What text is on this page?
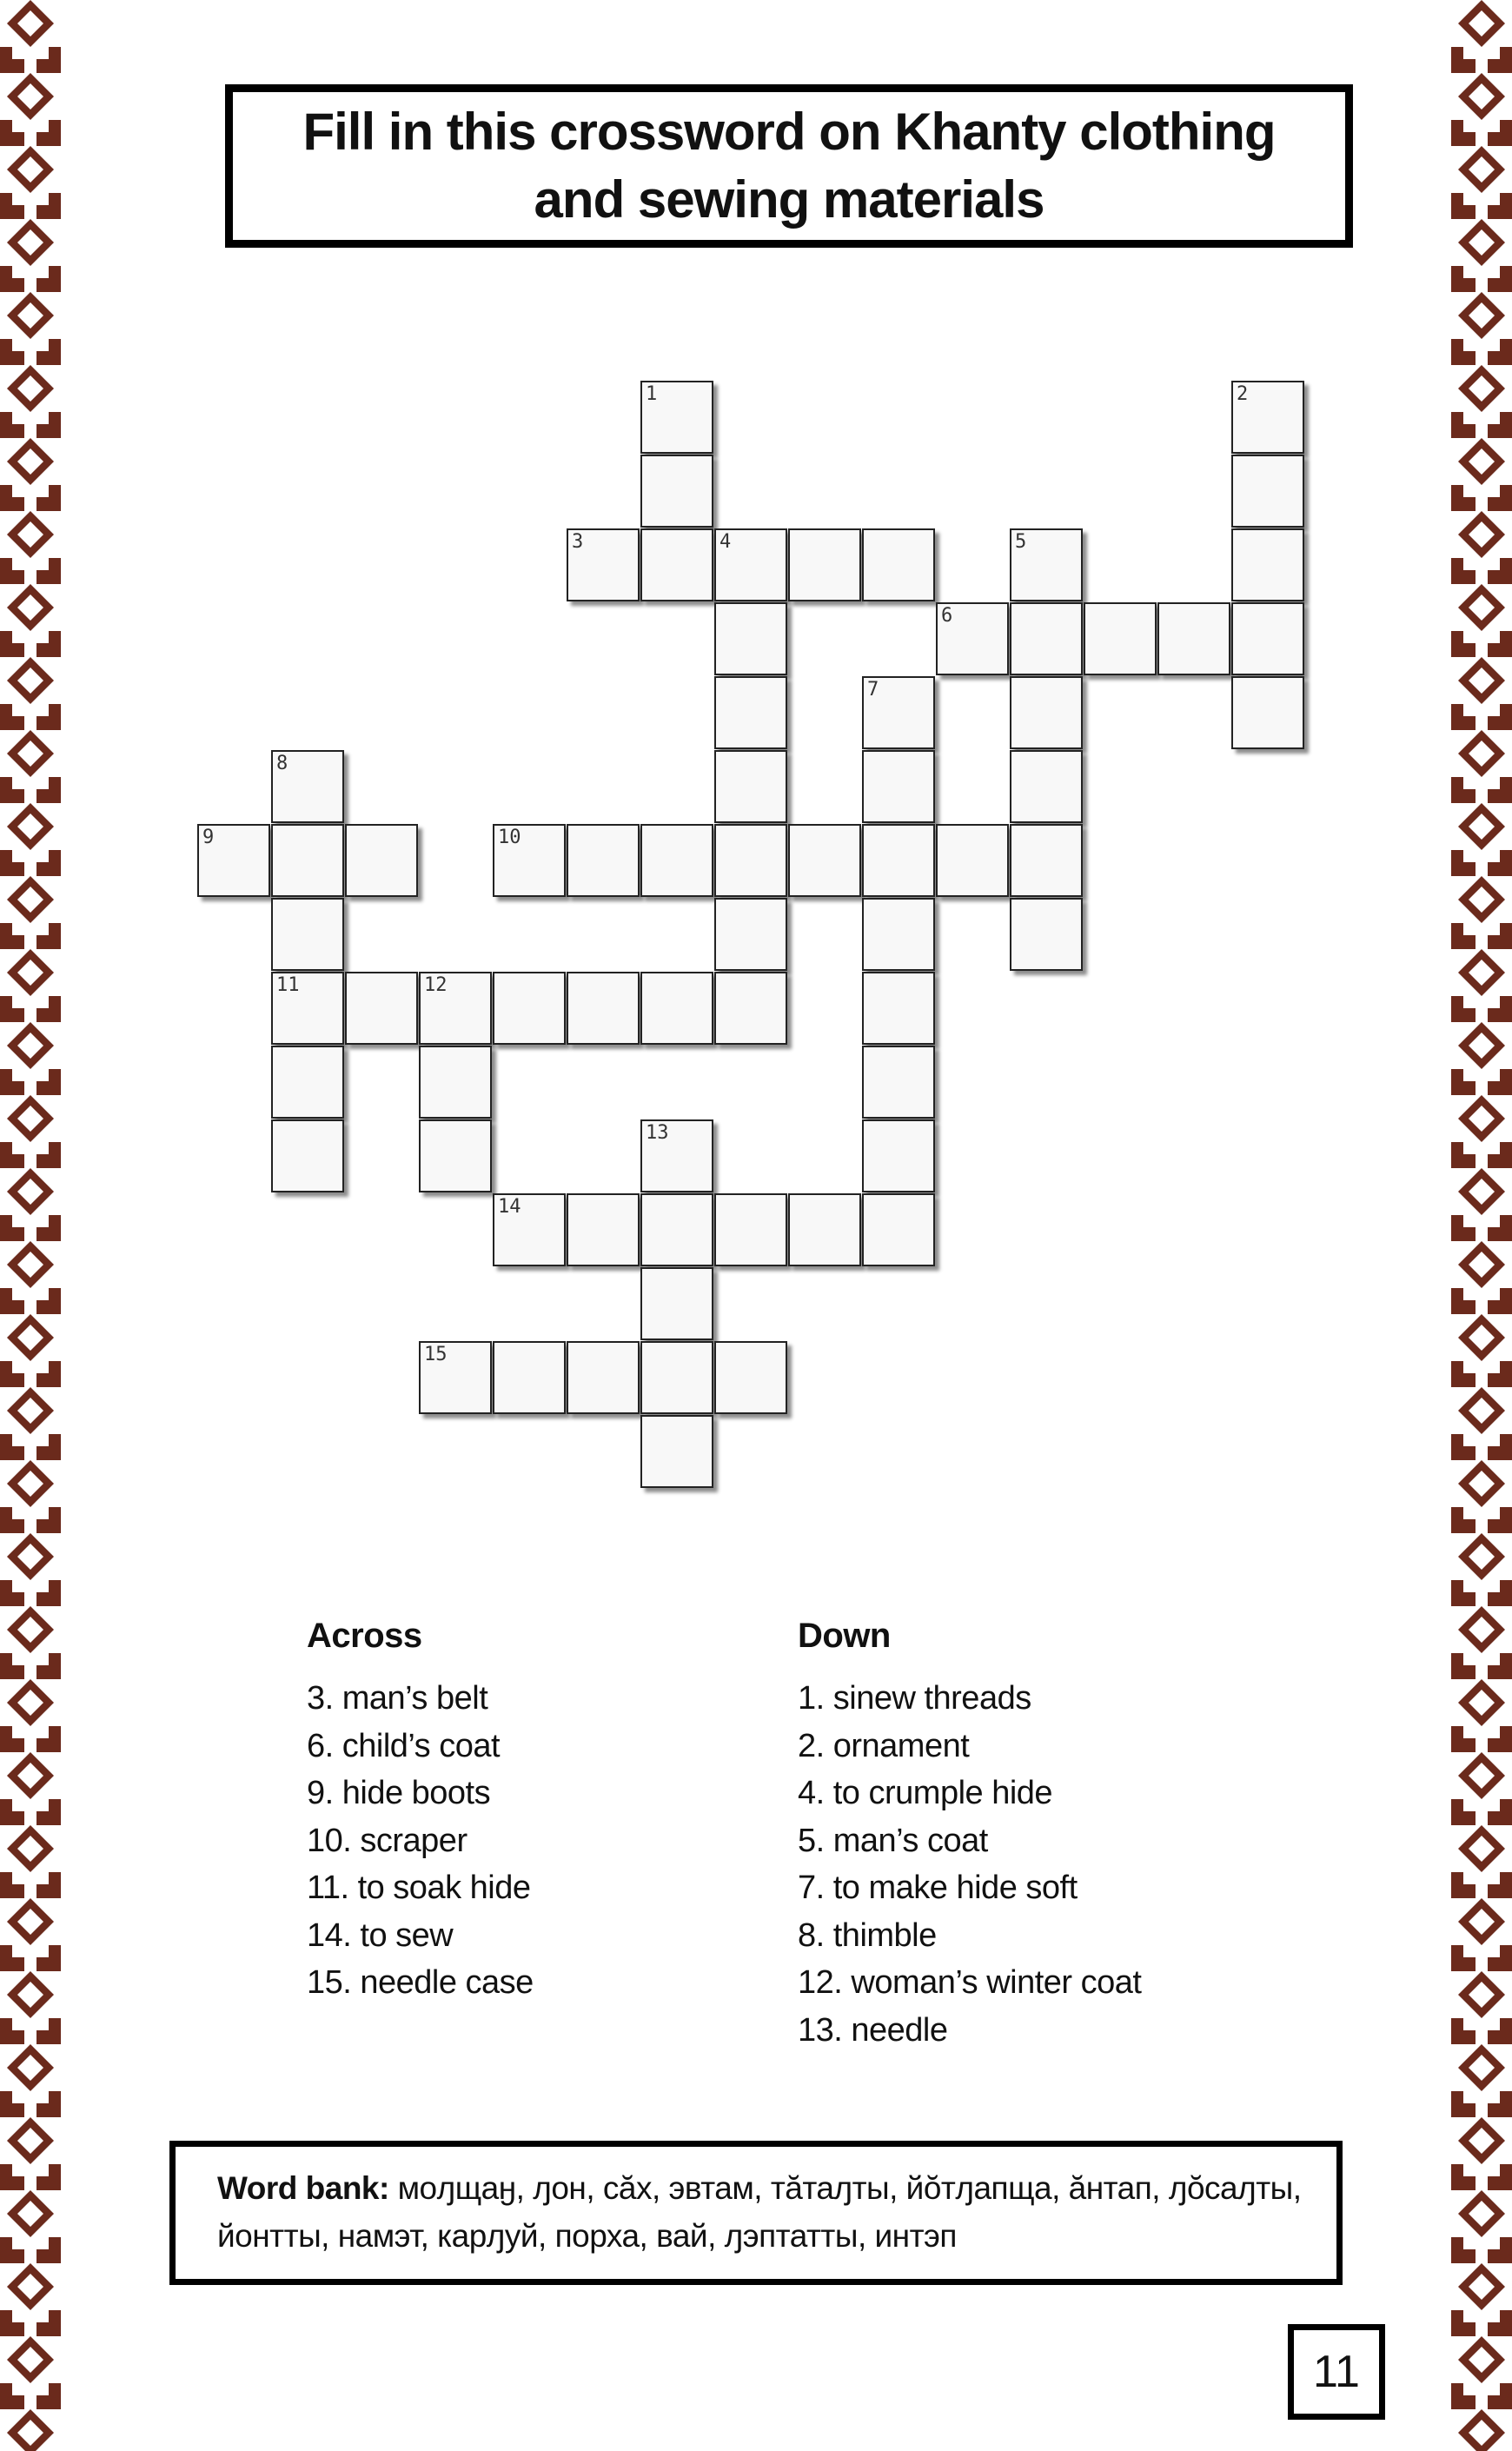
Fill in this crossword on Khanty clothing and sewing materials
1	2
3	4	5
6
7
8
9	10
11	12
13
14
15
Across
3. man’s belt
6. child’s coat
9. hide boots
10. scraper
11. to soak hide
14. to sew
15. needle case
Down
1. sinew threads
2. ornament
4. to crumple hide
5. man’s coat
7. to make hide soft
8. thimble
12. woman’s winter coat
13. needle
Word bank: моԓщаӈ, ԓон, сăх, эвтам, тăтаԓты, йŏтԓапща, ăнтап, ԓŏсаԓты,
йонтты, намэт, карԓуй, порха, вай, ԓэптатты, интэп
11
